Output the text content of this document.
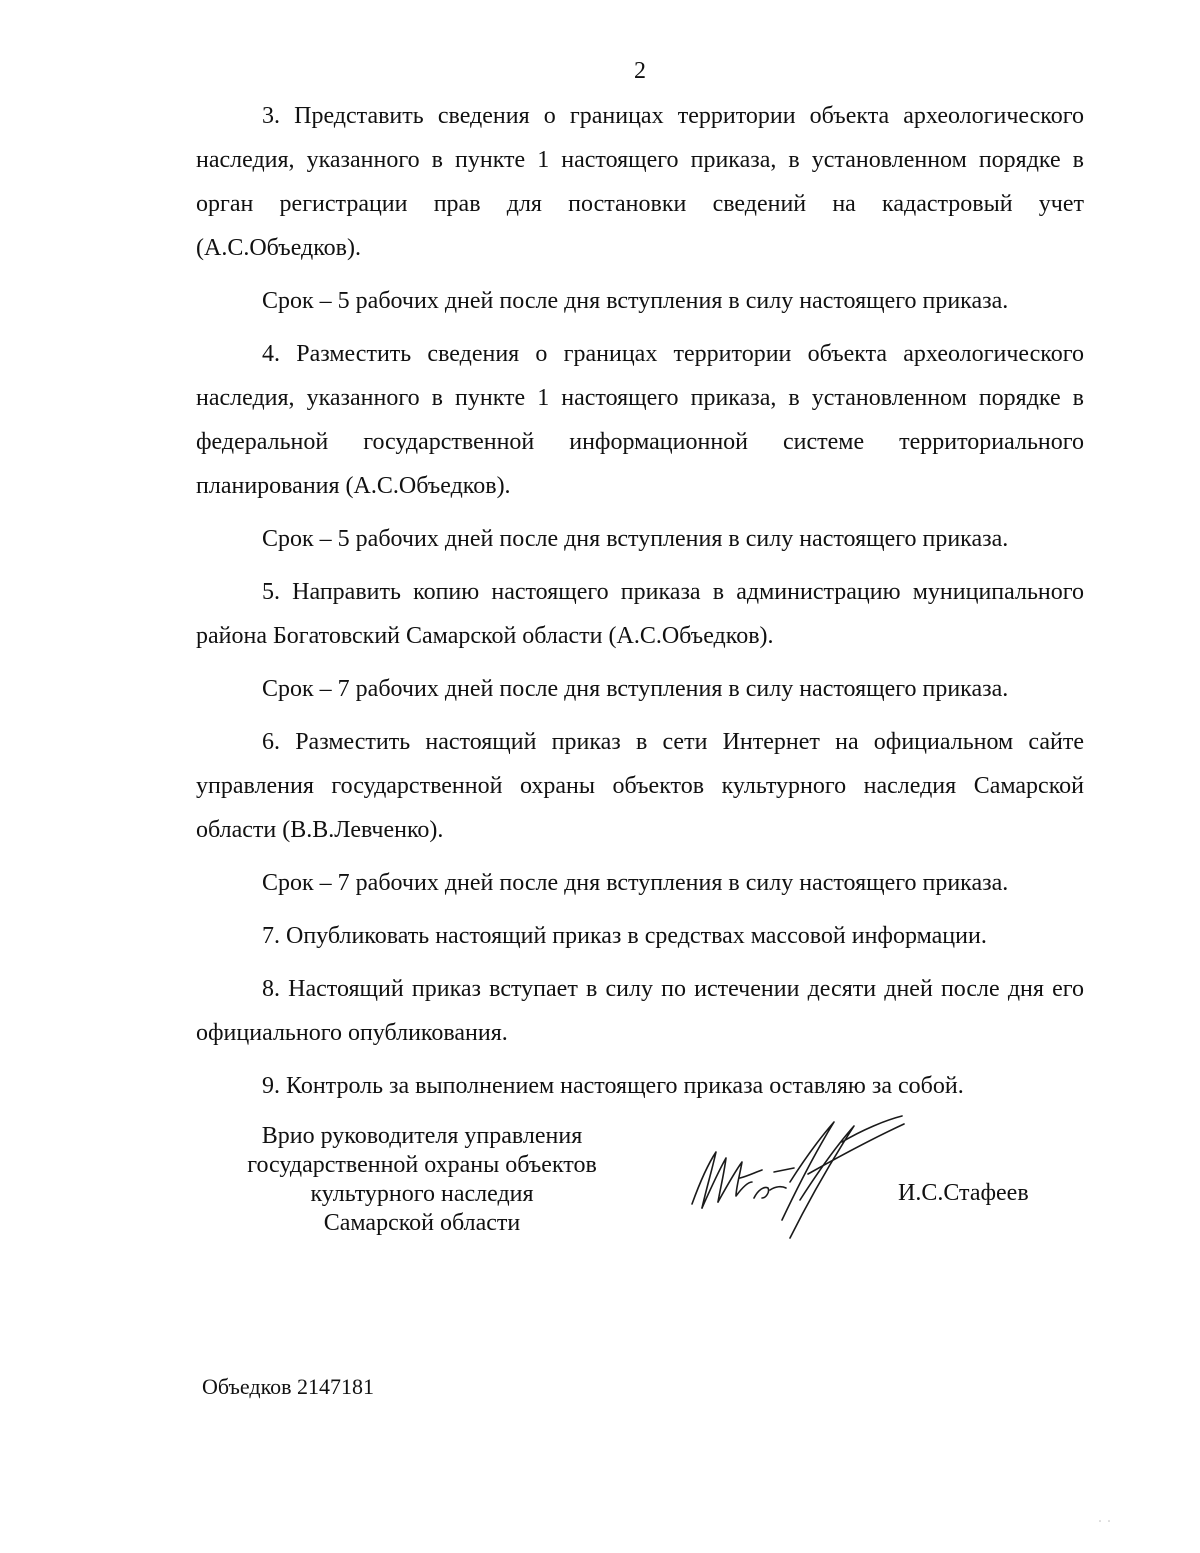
2

3. Представить сведения о границах территории объекта археологического наследия, указанного в пункте 1 настоящего приказа, в установленном порядке в орган регистрации прав для постановки сведений на кадастровый учет (А.С.Объедков).

Срок – 5 рабочих дней после дня вступления в силу настоящего приказа.

4. Разместить сведения о границах территории объекта археологического наследия, указанного в пункте 1 настоящего приказа, в установленном порядке в федеральной государственной информационной системе территориального планирования (А.С.Объедков).

Срок – 5 рабочих дней после дня вступления в силу настоящего приказа.

5. Направить копию настоящего приказа в администрацию муниципального района Богатовский Самарской области (А.С.Объедков).

Срок – 7 рабочих дней после дня вступления в силу настоящего приказа.

6. Разместить настоящий приказ в сети Интернет на официальном сайте управления государственной охраны объектов культурного наследия Самарской области (В.В.Левченко).

Срок – 7 рабочих дней после дня вступления в силу настоящего приказа.

7. Опубликовать настоящий приказ в средствах массовой информации.

8. Настоящий приказ вступает в силу по истечении десяти дней после дня его официального опубликования.

9. Контроль за выполнением настоящего приказа оставляю за собой.

Врио руководителя управления
государственной охраны объектов
культурного наследия
Самарской области
И.С.Стафеев
Объедков 2147181
